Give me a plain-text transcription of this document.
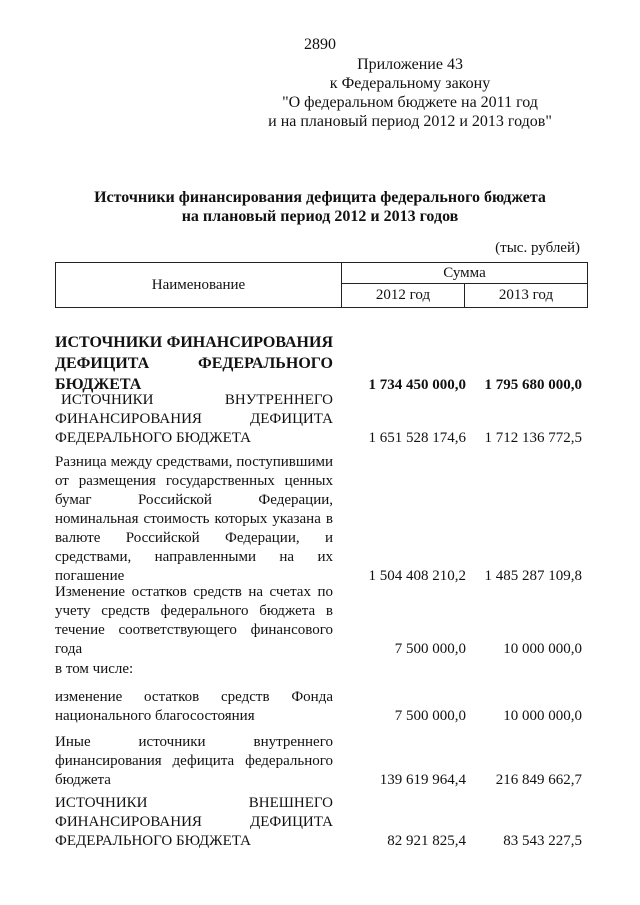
2890
Приложение 43
к Федеральному закону
"О федеральном бюджете на 2011 год
и на плановый период 2012 и 2013 годов"
Источники финансирования дефицита федерального бюджета
на плановый период 2012 и 2013 годов
(тыс. рублей)
Наименование
Сумма
2012 год	2013 год
ИСТОЧНИКИ ФИНАНСИРОВАНИЯ ДЕФИЦИТА ФЕДЕРАЛЬНОГО БЮДЖЕТА	1 734 450 000,0 1 795 680 000,0
ИСТОЧНИКИ ВНУТРЕННЕГО ФИНАНСИРОВАНИЯ ДЕФИЦИТА ФЕДЕРАЛЬНОГО БЮДЖЕТА	1 651 528 174,6 1 712 136 772,5
Разница между средствами, поступившими от размещения государственных ценных бумаг Российской Федерации, номинальная стоимость которых указана в валюте Российской Федерации, и средствами, направленными на их погашение	1 504 408 210,2 1 485 287 109,8
Изменение остатков средств на счетах по учету средств федерального бюджета в течение соответствующего финансового года	7 500 000,0 10 000 000,0
в том числе:
изменение остатков средств Фонда национального благосостояния	7 500 000,0 10 000 000,0
Иные источники внутреннего финансирования дефицита федерального бюджета	139 619 964,4 216 849 662,7
ИСТОЧНИКИ ВНЕШНЕГО ФИНАНСИРОВАНИЯ ДЕФИЦИТА ФЕДЕРАЛЬНОГО БЮДЖЕТА	82 921 825,4 83 543 227,5
